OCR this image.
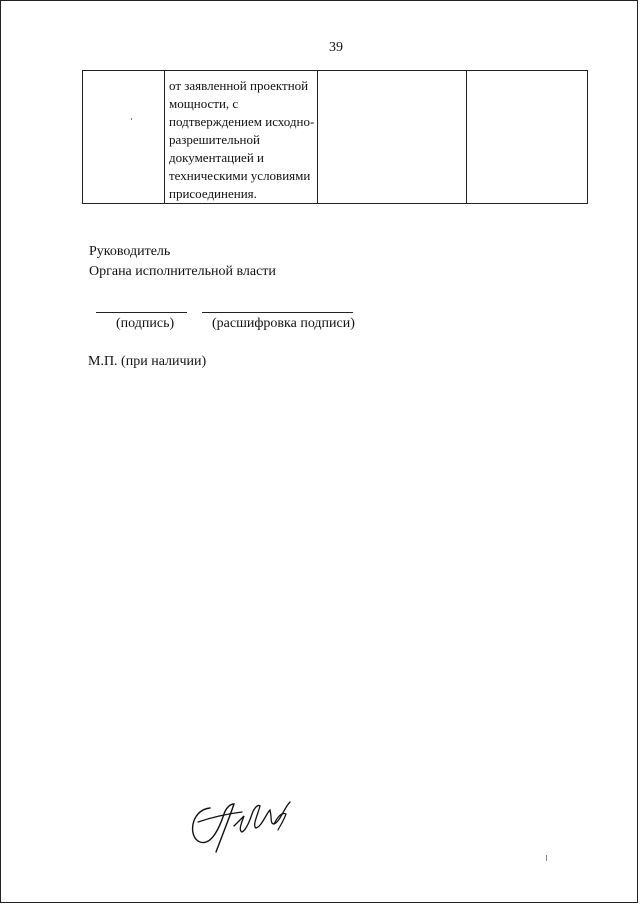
39

от заявленной проектной
мощности, с
подтверждением исходно-
разрешительной
документацией и
техническими условиями
присоединения.

Руководитель
Органа исполнительной власти
(подпись)	(расшифровка подписи)
М.П. (при наличии)
